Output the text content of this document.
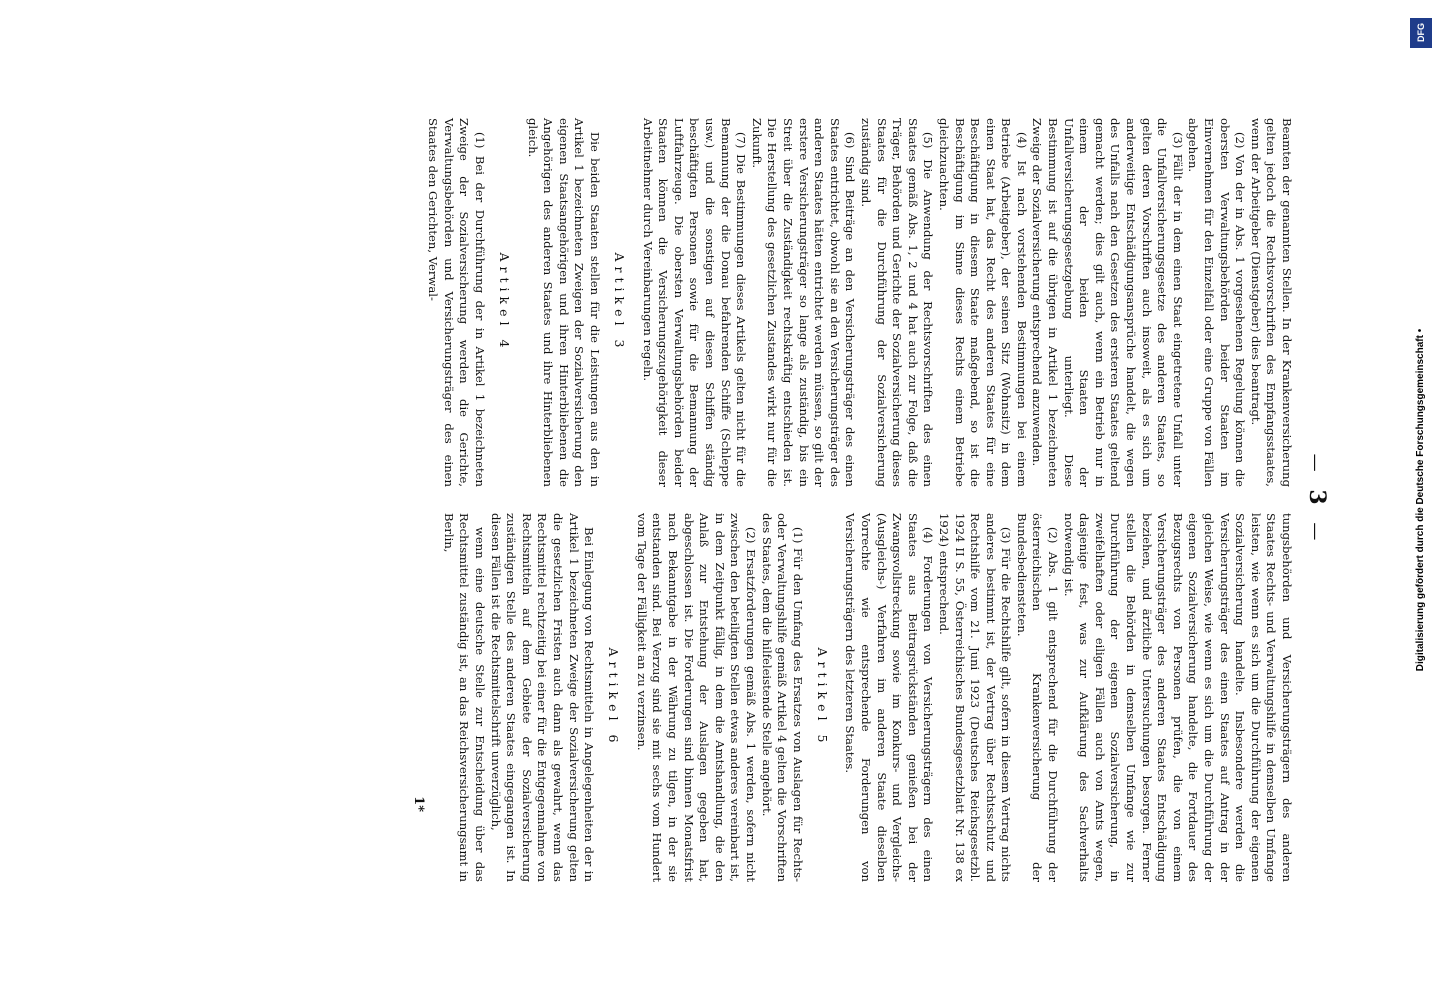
— 3 —

Beamten der genannten Stellen. In der Krankenversicherung gelten jedoch die Rechtsvorschriften des Empfangsstaates, wenn der Arbeitgeber (Dienstgeber) dies beantragt.

(2) Von der in Abs. 1 vorgesehenen Regelung können die obersten Verwaltungsbehörden beider Staaten im Einvernehmen für den Einzelfall oder eine Gruppe von Fällen abgehen.

(3) Fällt der in dem einen Staat eingetretene Unfall unter die Unfallversicherungsgesetze des anderen Staates, so gelten deren Vorschriften auch insoweit, als es sich um anderweitige Entschädigungsansprüche handelt, die wegen des Unfalls nach den Gesetzen des ersteren Staates geltend gemacht werden; dies gilt auch, wenn ein Betrieb nur in einem der beiden Staaten der Unfallversicherungsgesetzgebung unterliegt. Diese Bestimmung ist auf die übrigen in Artikel 1 bezeichneten Zweige der Sozialversicherung entsprechend anzuwenden.

(4) Ist nach vorstehenden Bestimmungen bei einem Betriebe (Arbeitgeber), der seinen Sitz (Wohnsitz) in dem einen Staat hat, das Recht des anderen Staates für eine Beschäftigung in diesem Staate maßgebend, so ist die Beschäftigung im Sinne dieses Rechts einem Betriebe gleichzuachten.

(5) Die Anwendung der Rechtsvorschriften des einen Staates gemäß Abs. 1, 2 und 4 hat auch zur Folge, daß die Träger, Behörden und Gerichte der Sozialversicherung dieses Staates für die Durchführung der Sozialversicherung zuständig sind.

(6) Sind Beiträge an den Versicherungsträger des einen Staates entrichtet, obwohl sie an den Versicherungsträger des anderen Staates hätten entrichtet werden müssen, so gilt der erstere Versicherungsträger so lange als zuständig, bis ein Streit über die Zuständigkeit rechtskräftig entschieden ist. Die Herstellung des gesetzlichen Zustandes wirkt nur für die Zukunft.

(7) Die Bestimmungen dieses Artikels gelten nicht für die Bemannung der die Donau befahrenden Schiffe (Schleppe usw.) und die sonstigen auf diesen Schiffen ständig beschäftigten Personen sowie für die Bemannung der Luftfahrzeuge. Die obersten Verwaltungsbehörden beider Staaten können die Versicherungszugehörigkeit dieser Arbeitnehmer durch Vereinbarungen regeln.

Artikel 3

Die beiden Staaten stellen für die Leistungen aus den in Artikel 1 bezeichneten Zweigen der Sozialversicherung den eigenen Staatsangehörigen und ihren Hinterbliebenen die Angehörigen des anderen Staates und ihre Hinterbliebenen gleich.

Artikel 4

(1) Bei der Durchführung der in Artikel 1 bezeichneten Zweige der Sozialversicherung werden die Gerichte, Verwaltungsbehörden und Versicherungsträger des einen Staates den Gerichten, Verwal-

tungsbehörden und Versicherungsträgern des anderen Staates Rechts- und Verwaltungshilfe in demselben Umfange leisten, wie wenn es sich um die Durchführung der eigenen Sozialversicherung handelte. Insbesondere werden die Versicherungsträger des einen Staates auf Antrag in der gleichen Weise, wie wenn es sich um die Durchführung der eigenen Sozialversicherung handelte, die Fortdauer des Bezugsrechts von Personen prüfen, die von einem Versicherungsträger des anderen Staates Entschädigung beziehen, und ärztliche Untersuchungen besorgen. Ferner stellen die Behörden in demselben Umfange wie zur Durchführung der eigenen Sozialversicherung, in zweifelhaften oder eiligen Fällen auch von Amts wegen, dasjenige fest, was zur Aufklärung des Sachverhalts notwendig ist.

(2) Abs. 1 gilt entsprechend für die Durchführung der österreichischen Krankenversicherung der Bundesbediensteten.

(3) Für die Rechtshilfe gilt, sofern in diesem Vertrag nichts anderes bestimmt ist, der Vertrag über Rechtsschutz und Rechtshilfe vom 21. Juni 1923 (Deutsches Reichsgesetzbl. 1924 II S. 55, Österreichisches Bundesgesetzblatt Nr. 138 ex 1924) entsprechend.

(4) Forderungen von Versicherungsträgern des einen Staates aus Beitragsrückständen genießen bei der Zwangsvollstreckung sowie im Konkurs- und Vergleichs- (Ausgleichs-) Verfahren im anderen Staate dieselben Vorrechte wie entsprechende Forderungen von Versicherungsträgern des letzteren Staates.

Artikel 5

(1) Für den Umfang des Ersatzes von Auslagen für Rechts- oder Verwaltungshilfe gemäß Artikel 4 gelten die Vorschriften des Staates, dem die hilfeleistende Stelle angehört.

(2) Ersatzforderungen gemäß Abs. 1 werden, sofern nicht zwischen den beteiligten Stellen etwas anderes vereinbart ist, in dem Zeitpunkt fällig, in dem die Amtshandlung, die den Anlaß zur Entstehung der Auslagen gegeben hat, abgeschlossen ist. Die Forderungen sind binnen Monatsfrist nach Bekanntgabe in der Währung zu tilgen, in der sie entstanden sind. Bei Verzug sind sie mit sechs vom Hundert vom Tage der Fälligkeit an zu verzinsen.

Artikel 6

Bei Einlegung von Rechtsmitteln in Angelegenheiten der in Artikel 1 bezeichneten Zweige der Sozialversicherung gelten die gesetzlichen Fristen auch dann als gewahrt, wenn das Rechtsmittel rechtzeitig bei einer für die Entgegennahme von Rechtsmitteln auf dem Gebiete der Sozialversicherung zuständigen Stelle des anderen Staates eingegangen ist. In diesen Fällen ist die Rechtsmittelschrift unverzüglich,

wenn eine deutsche Stelle zur Entscheidung über das Rechtsmittel zuständig ist, an das Reichsversicherungsamt in Berlin,

1*
DFG
Digitalisierung gefördert durch die Deutsche Forschungsgemeinschaft •
